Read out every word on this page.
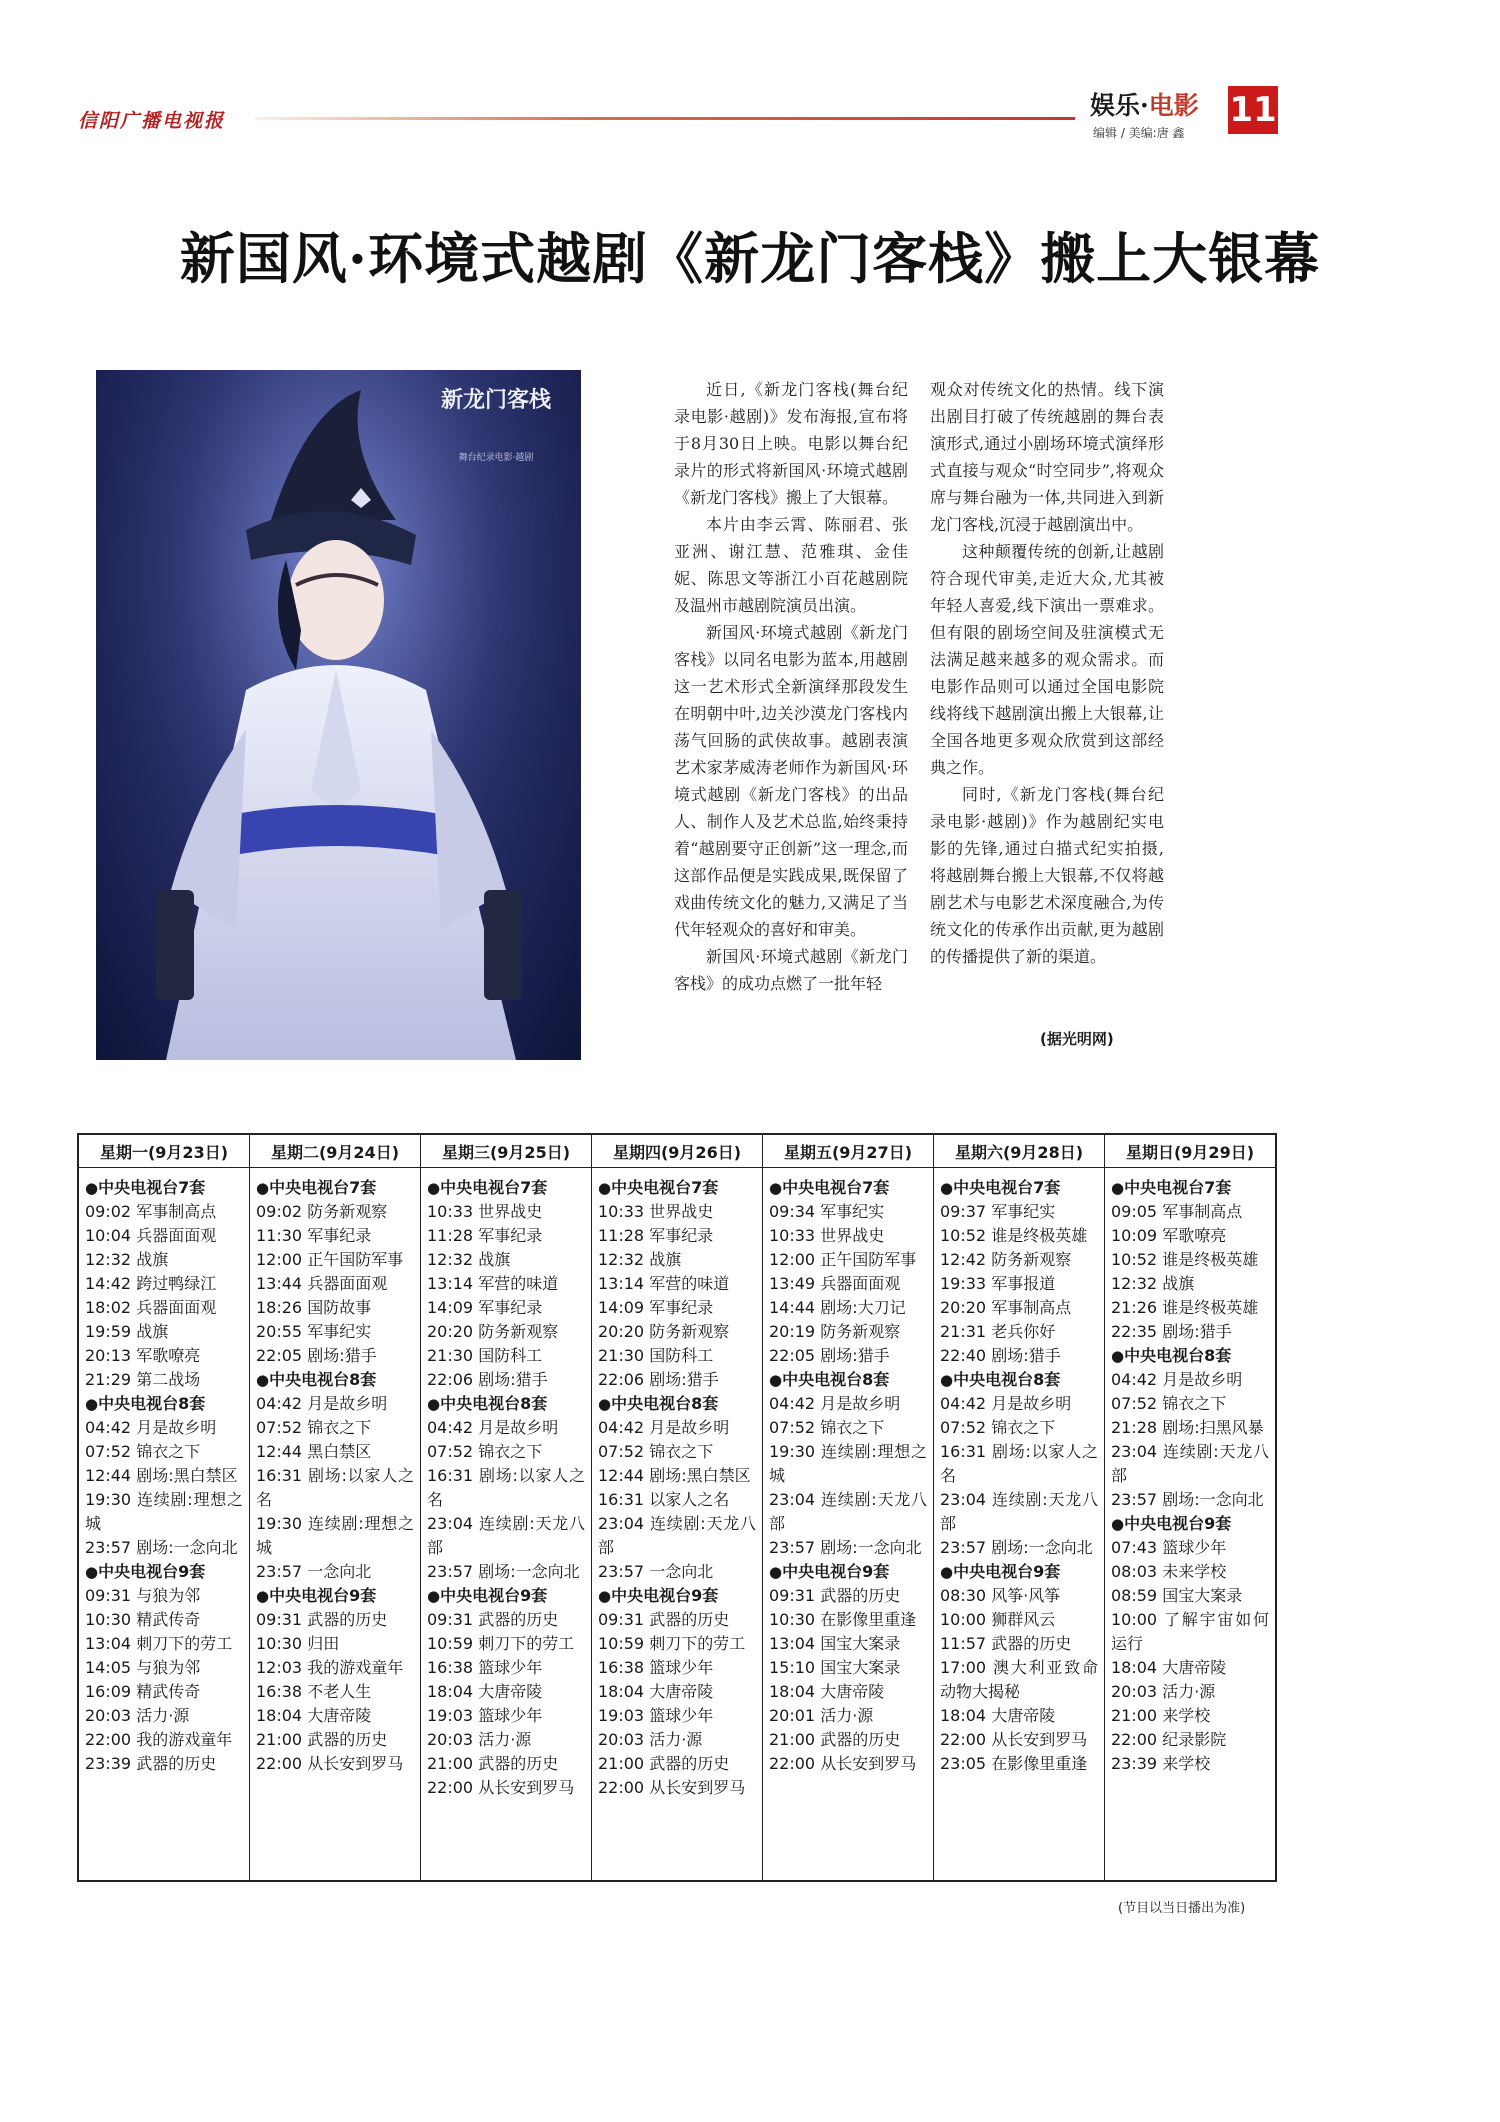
信阳广播电视报
娱乐·电影
编辑 / 美编:唐 鑫
11
新国风·环境式越剧《新龙门客栈》搬上大银幕
新龙门客栈
舞台纪录电影·越剧

近日,《新龙门客栈(舞台纪录电影·越剧)》发布海报,宣布将于8月30日上映。电影以舞台纪录片的形式将新国风·环境式越剧《新龙门客栈》搬上了大银幕。

本片由李云霄、陈丽君、张亚洲、谢江慧、范雅琪、金佳妮、陈思文等浙江小百花越剧院及温州市越剧院演员出演。

新国风·环境式越剧《新龙门客栈》以同名电影为蓝本,用越剧这一艺术形式全新演绎那段发生在明朝中叶,边关沙漠龙门客栈内荡气回肠的武侠故事。越剧表演艺术家茅威涛老师作为新国风·环境式越剧《新龙门客栈》的出品人、制作人及艺术总监,始终秉持着“越剧要守正创新”这一理念,而这部作品便是实践成果,既保留了戏曲传统文化的魅力,又满足了当代年轻观众的喜好和审美。

新国风·环境式越剧《新龙门客栈》的成功点燃了一批年轻

观众对传统文化的热情。线下演出剧目打破了传统越剧的舞台表演形式,通过小剧场环境式演绎形式直接与观众“时空同步”,将观众席与舞台融为一体,共同进入到新龙门客栈,沉浸于越剧演出中。

这种颠覆传统的创新,让越剧符合现代审美,走近大众,尤其被年轻人喜爱,线下演出一票难求。但有限的剧场空间及驻演模式无法满足越来越多的观众需求。而电影作品则可以通过全国电影院线将线下越剧演出搬上大银幕,让全国各地更多观众欣赏到这部经典之作。

同时,《新龙门客栈(舞台纪录电影·越剧)》作为越剧纪实电影的先锋,通过白描式纪实拍摄,将越剧舞台搬上大银幕,不仅将越剧艺术与电影艺术深度融合,为传统文化的传承作出贡献,更为越剧的传播提供了新的渠道。

(据光明网)
星期一(9月23日)
●中央电视台7套
09:02 军事制高点
10:04 兵器面面观
12:32 战旗
14:42 跨过鸭绿江
18:02 兵器面面观
19:59 战旗
20:13 军歌嘹亮
21:29 第二战场
●中央电视台8套
04:42 月是故乡明
07:52 锦衣之下
12:44 剧场:黑白禁区
19:30 连续剧:理想之城
23:57 剧场:一念向北
●中央电视台9套
09:31 与狼为邻
10:30 精武传奇
13:04 刺刀下的劳工
14:05 与狼为邻
16:09 精武传奇
20:03 活力·源
22:00 我的游戏童年
23:39 武器的历史
星期二(9月24日)
●中央电视台7套
09:02 防务新观察
11:30 军事纪录
12:00 正午国防军事
13:44 兵器面面观
18:26 国防故事
20:55 军事纪实
22:05 剧场:猎手
●中央电视台8套
04:42 月是故乡明
07:52 锦衣之下
12:44 黑白禁区
16:31 剧场:以家人之名
19:30 连续剧:理想之城
23:57 一念向北
●中央电视台9套
09:31 武器的历史
10:30 归田
12:03 我的游戏童年
16:38 不老人生
18:04 大唐帝陵
21:00 武器的历史
22:00 从长安到罗马
星期三(9月25日)
●中央电视台7套
10:33 世界战史
11:28 军事纪录
12:32 战旗
13:14 军营的味道
14:09 军事纪录
20:20 防务新观察
21:30 国防科工
22:06 剧场:猎手
●中央电视台8套
04:42 月是故乡明
07:52 锦衣之下
16:31 剧场:以家人之名
23:04 连续剧:天龙八部
23:57 剧场:一念向北
●中央电视台9套
09:31 武器的历史
10:59 刺刀下的劳工
16:38 篮球少年
18:04 大唐帝陵
19:03 篮球少年
20:03 活力·源
21:00 武器的历史
22:00 从长安到罗马
星期四(9月26日)
●中央电视台7套
10:33 世界战史
11:28 军事纪录
12:32 战旗
13:14 军营的味道
14:09 军事纪录
20:20 防务新观察
21:30 国防科工
22:06 剧场:猎手
●中央电视台8套
04:42 月是故乡明
07:52 锦衣之下
12:44 剧场:黑白禁区
16:31 以家人之名
23:04 连续剧:天龙八部
23:57 一念向北
●中央电视台9套
09:31 武器的历史
10:59 刺刀下的劳工
16:38 篮球少年
18:04 大唐帝陵
19:03 篮球少年
20:03 活力·源
21:00 武器的历史
22:00 从长安到罗马
星期五(9月27日)
●中央电视台7套
09:34 军事纪实
10:33 世界战史
12:00 正午国防军事
13:49 兵器面面观
14:44 剧场:大刀记
20:19 防务新观察
22:05 剧场:猎手
●中央电视台8套
04:42 月是故乡明
07:52 锦衣之下
19:30 连续剧:理想之城
23:04 连续剧:天龙八部
23:57 剧场:一念向北
●中央电视台9套
09:31 武器的历史
10:30 在影像里重逢
13:04 国宝大案录
15:10 国宝大案录
18:04 大唐帝陵
20:01 活力·源
21:00 武器的历史
22:00 从长安到罗马
星期六(9月28日)
●中央电视台7套
09:37 军事纪实
10:52 谁是终极英雄
12:42 防务新观察
19:33 军事报道
20:20 军事制高点
21:31 老兵你好
22:40 剧场:猎手
●中央电视台8套
04:42 月是故乡明
07:52 锦衣之下
16:31 剧场:以家人之名
23:04 连续剧:天龙八部
23:57 剧场:一念向北
●中央电视台9套
08:30 风筝·风筝
10:00 狮群风云
11:57 武器的历史
17:00 澳大利亚致命动物大揭秘
18:04 大唐帝陵
22:00 从长安到罗马
23:05 在影像里重逢
星期日(9月29日)
●中央电视台7套
09:05 军事制高点
10:09 军歌嘹亮
10:52 谁是终极英雄
12:32 战旗
21:26 谁是终极英雄
22:35 剧场:猎手
●中央电视台8套
04:42 月是故乡明
07:52 锦衣之下
21:28 剧场:扫黑风暴
23:04 连续剧:天龙八部
23:57 剧场:一念向北
●中央电视台9套
07:43 篮球少年
08:03 未来学校
08:59 国宝大案录
10:00 了解宇宙如何运行
18:04 大唐帝陵
20:03 活力·源
21:00 来学校
22:00 纪录影院
23:39 来学校
(节目以当日播出为准)
